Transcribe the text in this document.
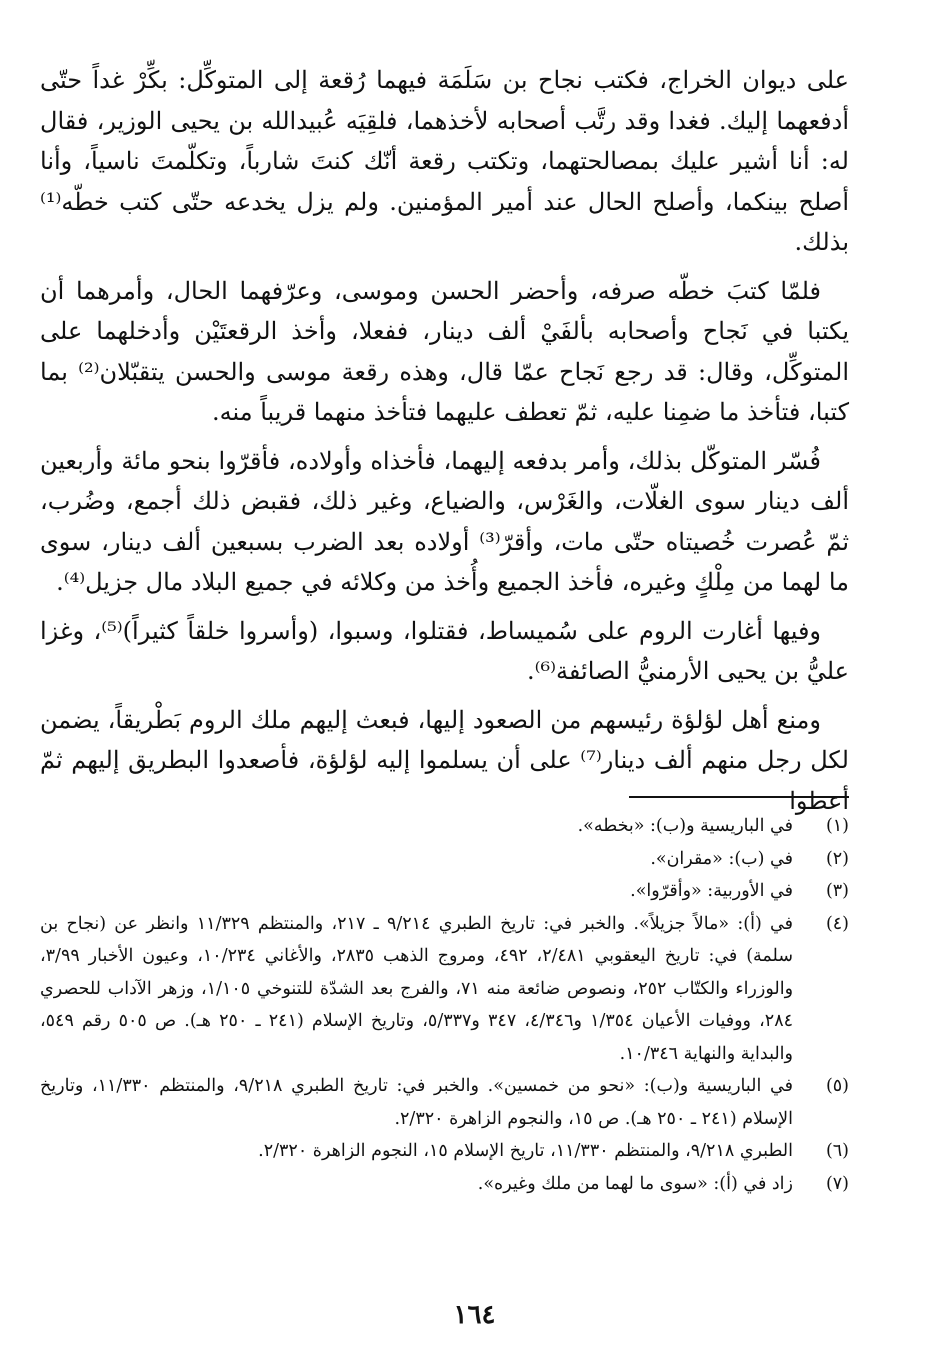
على ديوان الخراج، فكتب نجاح بن سَلَمَة فيهما رُقعة إلى المتوكِّل: بكِّرْ غداً حتّى أدفعهما إليك. فغدا وقد رتَّب أصحابه لأخذهما، فلقِيَه عُبيدالله بن يحيى الوزير، فقال له: أنا أشير عليك بمصالحتهما، وتكتب رقعة أنّك كنتَ شارباً، وتكلّمتَ ناسياً، وأنا أصلح بينكما، وأصلح الحال عند أمير المؤمنين. ولم يزل يخدعه حتّى كتب خطّه⁽¹⁾ بذلك.

فلمّا كتبَ خطّه صرفه، وأحضر الحسن وموسى، وعرّفهما الحال، وأمرهما أن يكتبا في نَجاح وأصحابه بألفَيْ ألف دينار، ففعلا، وأخذ الرقعتَيْن وأدخلهما على المتوكِّل، وقال: قد رجع نَجاح عمّا قال، وهذه رقعة موسى والحسن يتقبّلان⁽²⁾ بما كتبا، فتأخذ ما ضمِنا عليه، ثمّ تعطف عليهما فتأخذ منهما قريباً منه.

فُسّر المتوكّل بذلك، وأمر بدفعه إليهما، فأخذاه وأولاده، فأقرّوا بنحو مائة وأربعين ألف دينار سوى الغلّات، والغَرْس، والضياع، وغير ذلك، فقبض ذلك أجمع، وضُرب، ثمّ عُصرت خُصيتاه حتّى مات، وأقرّ⁽³⁾ أولاده بعد الضرب بسبعين ألف دينار، سوى ما لهما من مِلْكٍ وغيره، فأخذ الجميع وأُخذ من وكلائه في جميع البلاد مال جزيل⁽⁴⁾.

وفيها أغارت الروم على سُميساط، فقتلوا، وسبوا، (وأسروا خلقاً كثيراً)⁽⁵⁾، وغزا عليُّ بن يحيى الأرمنيُّ الصائفة⁽⁶⁾.

ومنع أهل لؤلؤة رئيسهم من الصعود إليها، فبعث إليهم ملك الروم بَطْريقاً، يضمن لكل رجل منهم ألف دينار⁽⁷⁾ على أن يسلموا إليه لؤلؤة، فأصعدوا البطريق إليهم ثمّ أعطوا

(١)
في الباريسية و(ب): «بخطه».
(٢)
في (ب): «مقران».
(٣)
في الأوربية: «وأقرّوا».
(٤)
في (أ): «مالاً جزيلاً». والخبر في: تاريخ الطبري ٩/٢١٤ ـ ٢١٧، والمنتظم ١١/٣٢٩ وانظر عن (نجاح بن سلمة) في: تاريخ اليعقوبي ٢/٤٨١، ٤٩٢، ومروج الذهب ٢٨٣٥، والأغاني ١٠/٢٣٤، وعيون الأخبار ٣/٩٩، والوزراء والكتّاب ٢٥٢، ونصوص ضائعة منه ٧١، والفرج بعد الشدّة للتنوخي ١/١٠٥، وزهر الآداب للحصري ٢٨٤، ووفيات الأعيان ١/٣٥٤ و٤/٣٤٦، ٣٤٧ و٥/٣٣٧، وتاريخ الإسلام (٢٤١ ـ ٢٥٠ هـ). ص ٥٠٥ رقم ٥٤٩، والبداية والنهاية ١٠/٣٤٦.
(٥)
في الباريسية و(ب): «نحو من خمسين». والخبر في: تاريخ الطبري ٩/٢١٨، والمنتظم ١١/٣٣٠، وتاريخ الإسلام (٢٤١ ـ ٢٥٠ هـ). ص ١٥، والنجوم الزاهرة ٢/٣٢٠.
(٦)
الطبري ٩/٢١٨، والمنتظم ١١/٣٣٠، تاريخ الإسلام ١٥، النجوم الزاهرة ٢/٣٢٠.
(٧)
زاد في (أ): «سوى ما لهما من ملك وغيره».
١٦٤
